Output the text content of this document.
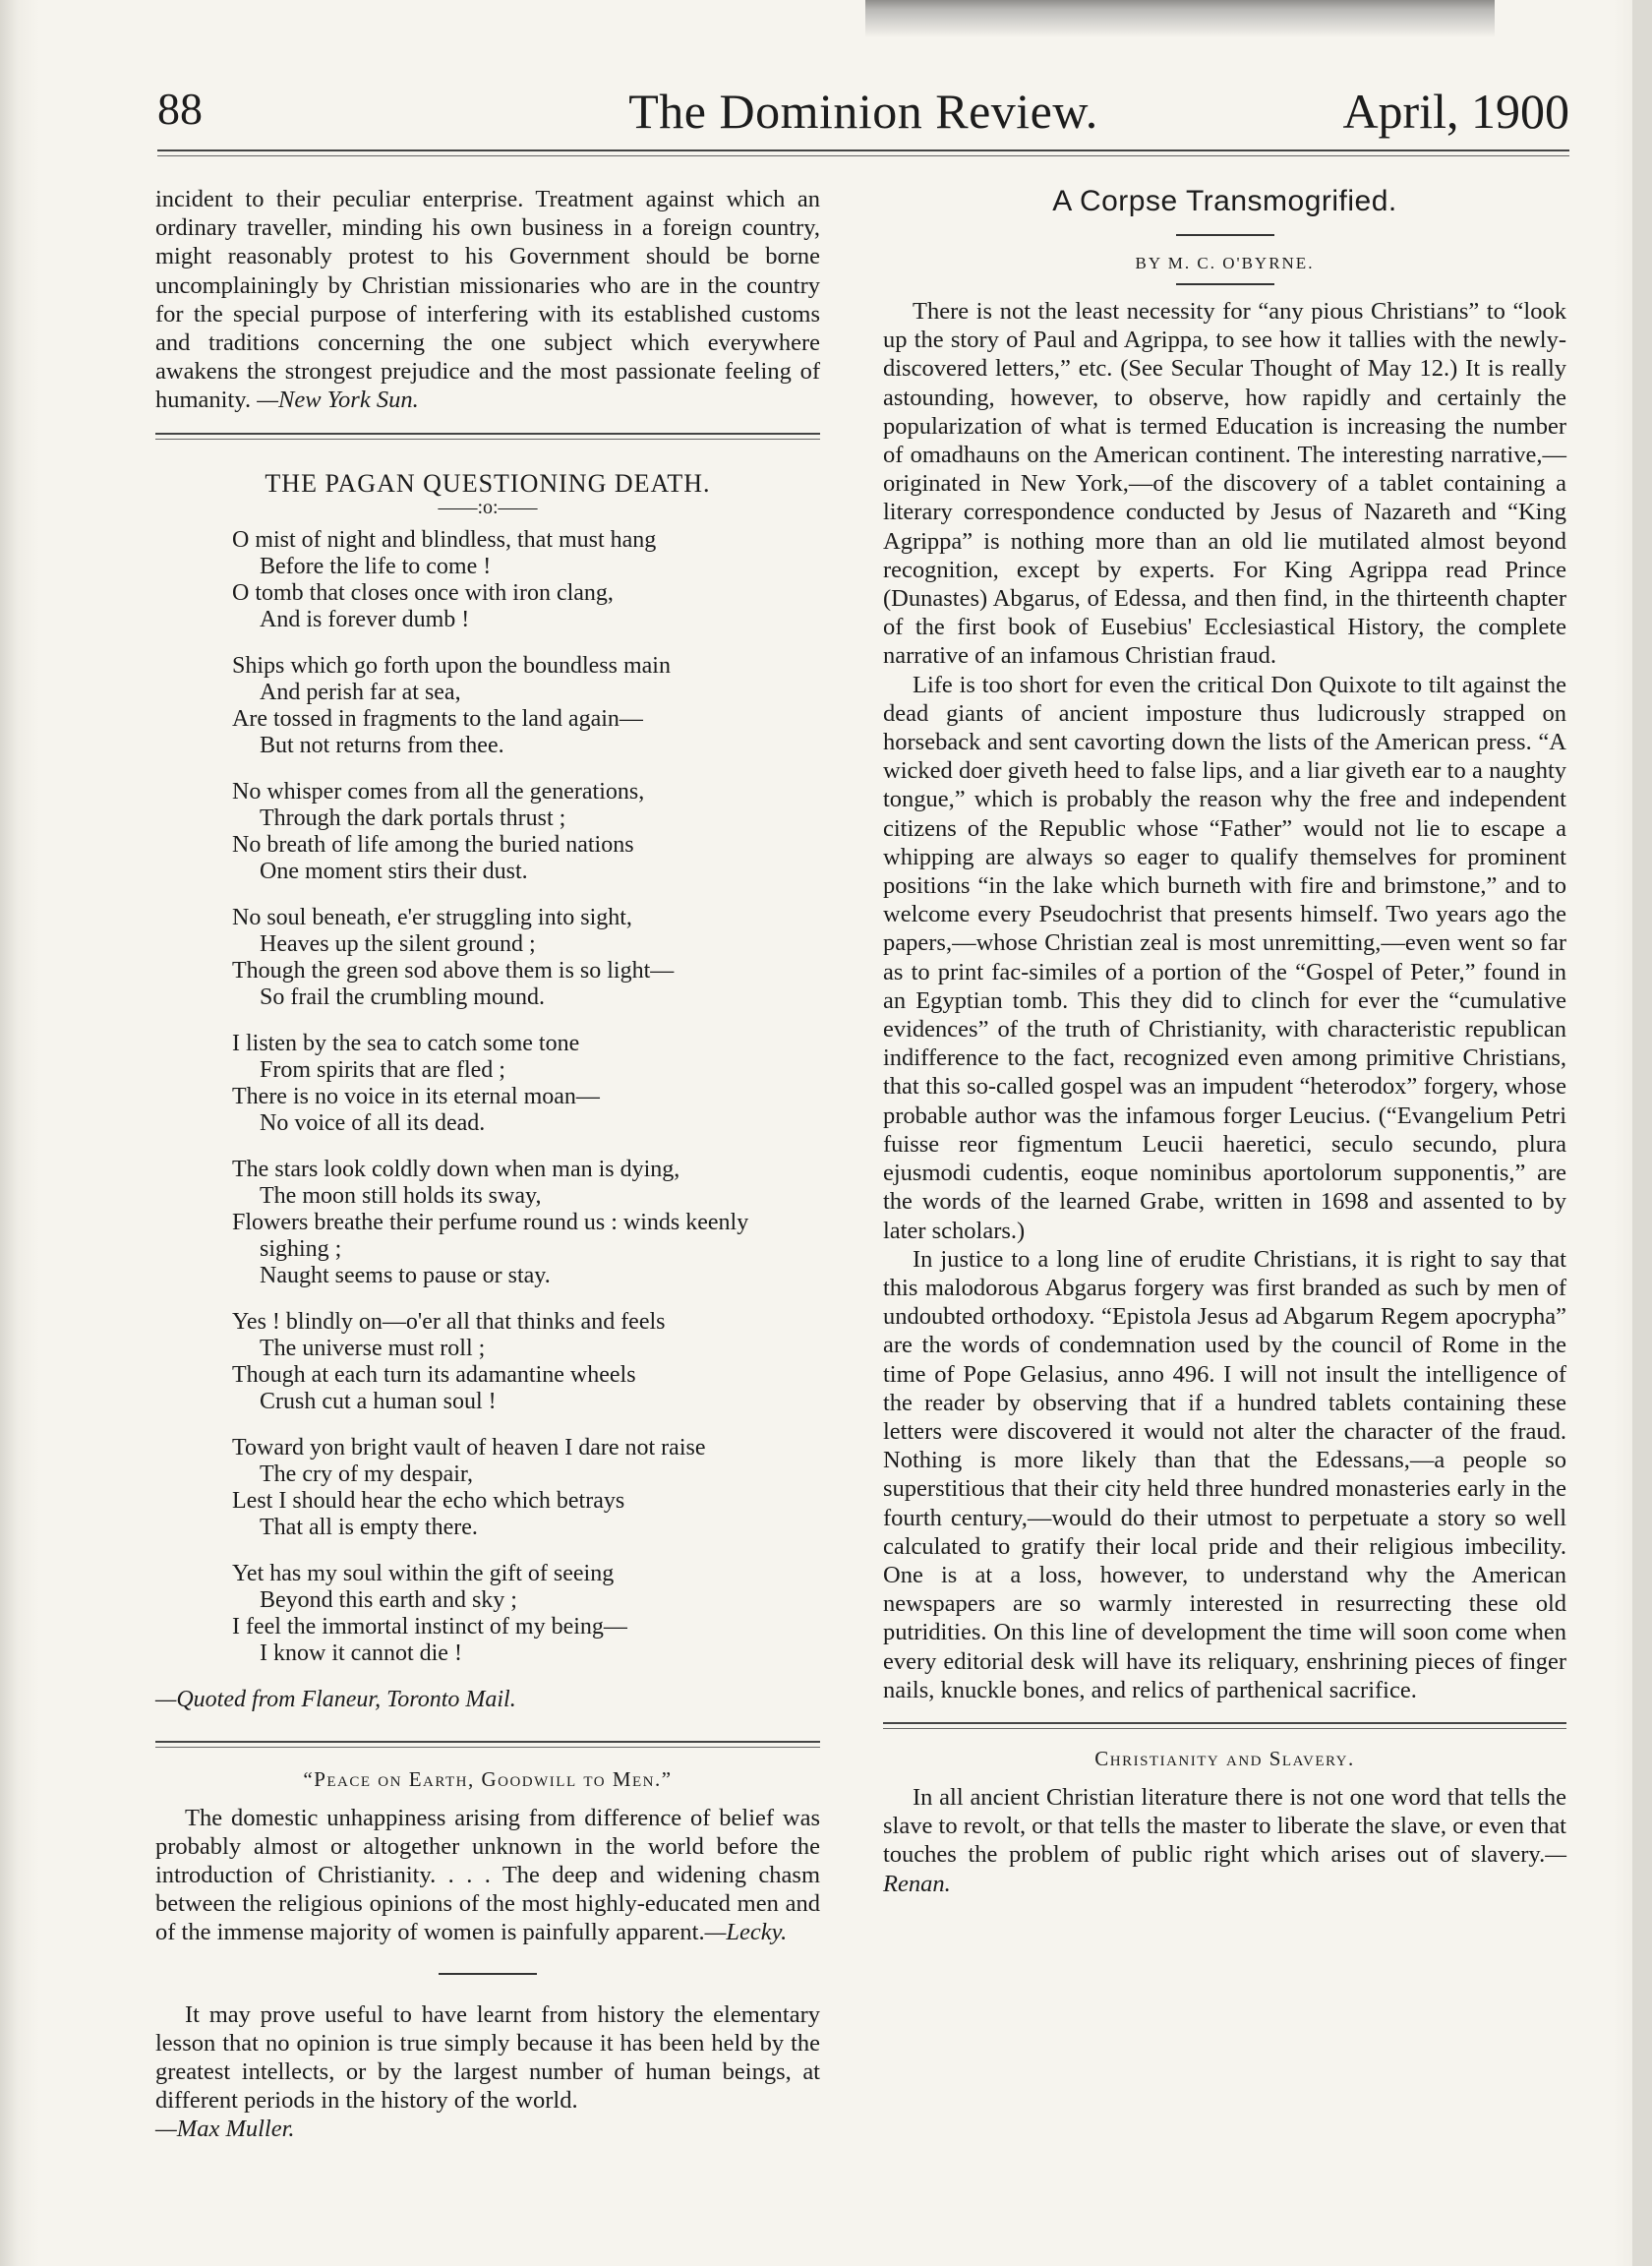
88	The Dominion Review.	April, 1900

incident to their peculiar enterprise. Treatment against which an ordinary traveller, minding his own business in a foreign country, might reasonably protest to his Government should be borne uncomplainingly by Christian missionaries who are in the country for the special purpose of interfering with its established customs and traditions concerning the one subject which everywhere awakens the strongest prejudice and the most passionate feeling of humanity. —New York Sun.

THE PAGAN QUESTIONING DEATH.
——:o:——
O mist of night and blindless, that must hang
Before the life to come !
O tomb that closes once with iron clang,
And is forever dumb !
Ships which go forth upon the boundless main
And perish far at sea,
Are tossed in fragments to the land again—
But not returns from thee.
No whisper comes from all the generations,
Through the dark portals thrust ;
No breath of life among the buried nations
One moment stirs their dust.
No soul beneath, e'er struggling into sight,
Heaves up the silent ground ;
Though the green sod above them is so light—
So frail the crumbling mound.
I listen by the sea to catch some tone
From spirits that are fled ;
There is no voice in its eternal moan—
No voice of all its dead.
The stars look coldly down when man is dying,
The moon still holds its sway,
Flowers breathe their perfume round us : winds keenly
sighing ;
Naught seems to pause or stay.
Yes ! blindly on—o'er all that thinks and feels
The universe must roll ;
Though at each turn its adamantine wheels
Crush cut a human soul !
Toward yon bright vault of heaven I dare not raise
The cry of my despair,
Lest I should hear the echo which betrays
That all is empty there.
Yet has my soul within the gift of seeing
Beyond this earth and sky ;
I feel the immortal instinct of my being—
I know it cannot die !
—Quoted from Flaneur, Toronto Mail.
“Peace on Earth, Goodwill to Men.”

The domestic unhappiness arising from difference of belief was probably almost or altogether unknown in the world before the introduction of Christianity. . . . The deep and widening chasm between the religious opinions of the most highly-educated men and of the immense majority of women is painfully apparent.—Lecky.

It may prove useful to have learnt from history the elementary lesson that no opinion is true simply because it has been held by the greatest intellects, or by the largest number of human beings, at different periods in the history of the world.

—Max Muller.

A Corpse Transmogrified.
BY M. C. O'BYRNE.

There is not the least necessity for “any pious Christians” to “look up the story of Paul and Agrippa, to see how it tallies with the newly-discovered letters,” etc. (See Secular Thought of May 12.) It is really astounding, however, to observe, how rapidly and certainly the popularization of what is termed Education is increasing the number of omadhauns on the American continent. The interesting narrative,—originated in New York,—of the discovery of a tablet containing a literary correspondence conducted by Jesus of Nazareth and “King Agrippa” is nothing more than an old lie mutilated almost beyond recognition, except by experts. For King Agrippa read Prince (Dunastes) Abgarus, of Edessa, and then find, in the thirteenth chapter of the first book of Eusebius' Ecclesiastical History, the complete narrative of an infamous Christian fraud.

Life is too short for even the critical Don Quixote to tilt against the dead giants of ancient imposture thus ludicrously strapped on horseback and sent cavorting down the lists of the American press. “A wicked doer giveth heed to false lips, and a liar giveth ear to a naughty tongue,” which is probably the reason why the free and independent citizens of the Republic whose “Father” would not lie to escape a whipping are always so eager to qualify themselves for prominent positions “in the lake which burneth with fire and brimstone,” and to welcome every Pseudochrist that presents himself. Two years ago the papers,—whose Christian zeal is most unremitting,—even went so far as to print fac-similes of a portion of the “Gospel of Peter,” found in an Egyptian tomb. This they did to clinch for ever the “cumulative evidences” of the truth of Christianity, with characteristic republican indifference to the fact, recognized even among primitive Christians, that this so-called gospel was an impudent “heterodox” forgery, whose probable author was the infamous forger Leucius. (“Evangelium Petri fuisse reor figmentum Leucii haeretici, seculo secundo, plura ejusmodi cudentis, eoque nominibus aportolorum supponentis,” are the words of the learned Grabe, written in 1698 and assented to by later scholars.)

In justice to a long line of erudite Christians, it is right to say that this malodorous Abgarus forgery was first branded as such by men of undoubted orthodoxy. “Epistola Jesus ad Abgarum Regem apocrypha” are the words of condemnation used by the council of Rome in the time of Pope Gelasius, anno 496. I will not insult the intelligence of the reader by observing that if a hundred tablets containing these letters were discovered it would not alter the character of the fraud. Nothing is more likely than that the Edessans,—a people so superstitious that their city held three hundred monasteries early in the fourth century,—would do their utmost to perpetuate a story so well calculated to gratify their local pride and their religious imbecility. One is at a loss, however, to understand why the American newspapers are so warmly interested in resurrecting these old putridities. On this line of development the time will soon come when every editorial desk will have its reliquary, enshrining pieces of finger nails, knuckle bones, and relics of parthenical sacrifice.

Christianity and Slavery.

In all ancient Christian literature there is not one word that tells the slave to revolt, or that tells the master to liberate the slave, or even that touches the problem of public right which arises out of slavery.—Renan.
